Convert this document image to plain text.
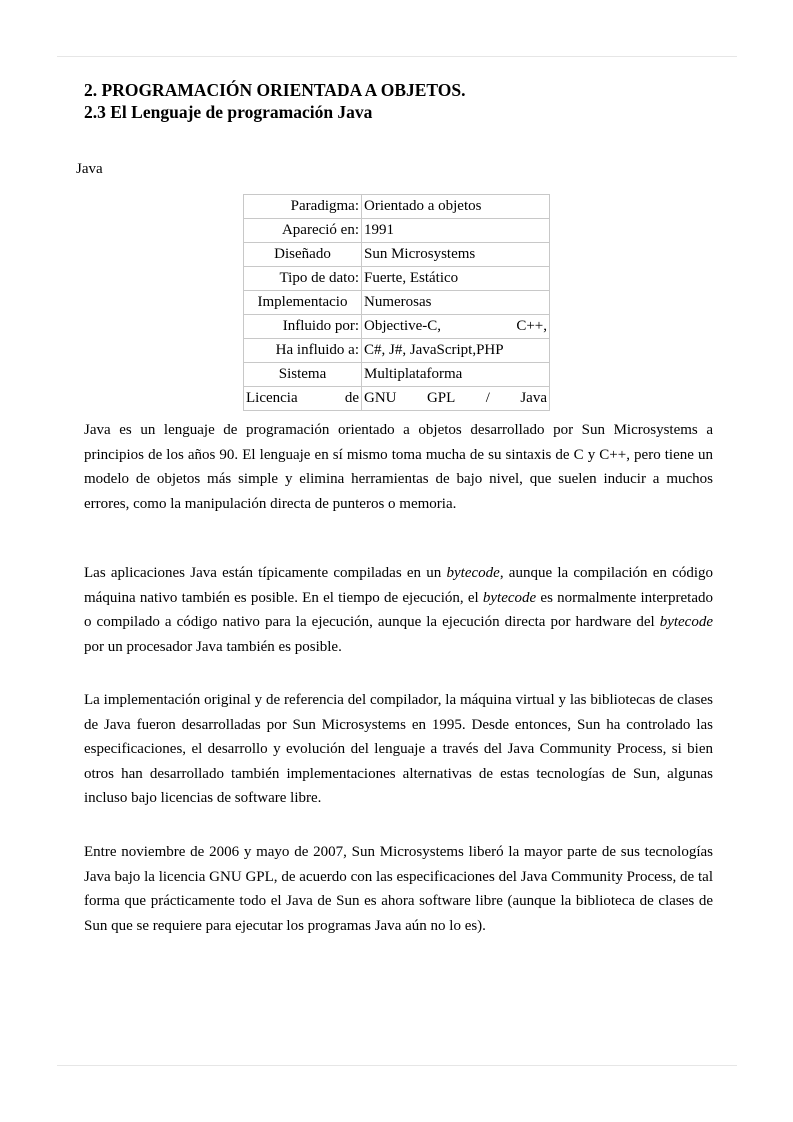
2. PROGRAMACIÓN ORIENTADA A OBJETOS.
2.3 El Lenguaje de programación Java

Java

Paradigma:	Orientado a objetos
Apareció en:	1991
Diseñado	Sun Microsystems
Tipo de dato:	Fuerte, Estático
Implementacio	Numerosas
Influido por:	Objective-C, C++,

Ha influido a:	C#, J#, JavaScript,PHP
Sistema	Multiplataforma

Licencia de	GNU GPL / Java

Java es un lenguaje de programación orientado a objetos desarrollado por Sun Microsystems a principios de los años 90. El lenguaje en sí mismo toma mucha de su sintaxis de C y C++, pero tiene un modelo de objetos más simple y elimina herramientas de bajo nivel, que suelen inducir a muchos errores, como la manipulación directa de punteros o memoria.

Las aplicaciones Java están típicamente compiladas en un bytecode, aunque la compilación en código máquina nativo también es posible. En el tiempo de ejecución, el bytecode es normalmente interpretado o compilado a código nativo para la ejecución, aunque la ejecución directa por hardware del bytecode por un procesador Java también es posible.

La implementación original y de referencia del compilador, la máquina virtual y las bibliotecas de clases de Java fueron desarrolladas por Sun Microsystems en 1995. Desde entonces, Sun ha controlado las especificaciones, el desarrollo y evolución del lenguaje a través del Java Community Process, si bien otros han desarrollado también implementaciones alternativas de estas tecnologías de Sun, algunas incluso bajo licencias de software libre.

Entre noviembre de 2006 y mayo de 2007, Sun Microsystems liberó la mayor parte de sus tecnologías Java bajo la licencia GNU GPL, de acuerdo con las especificaciones del Java Community Process, de tal forma que prácticamente todo el Java de Sun es ahora software libre (aunque la biblioteca de clases de Sun que se requiere para ejecutar los programas Java aún no lo es).
